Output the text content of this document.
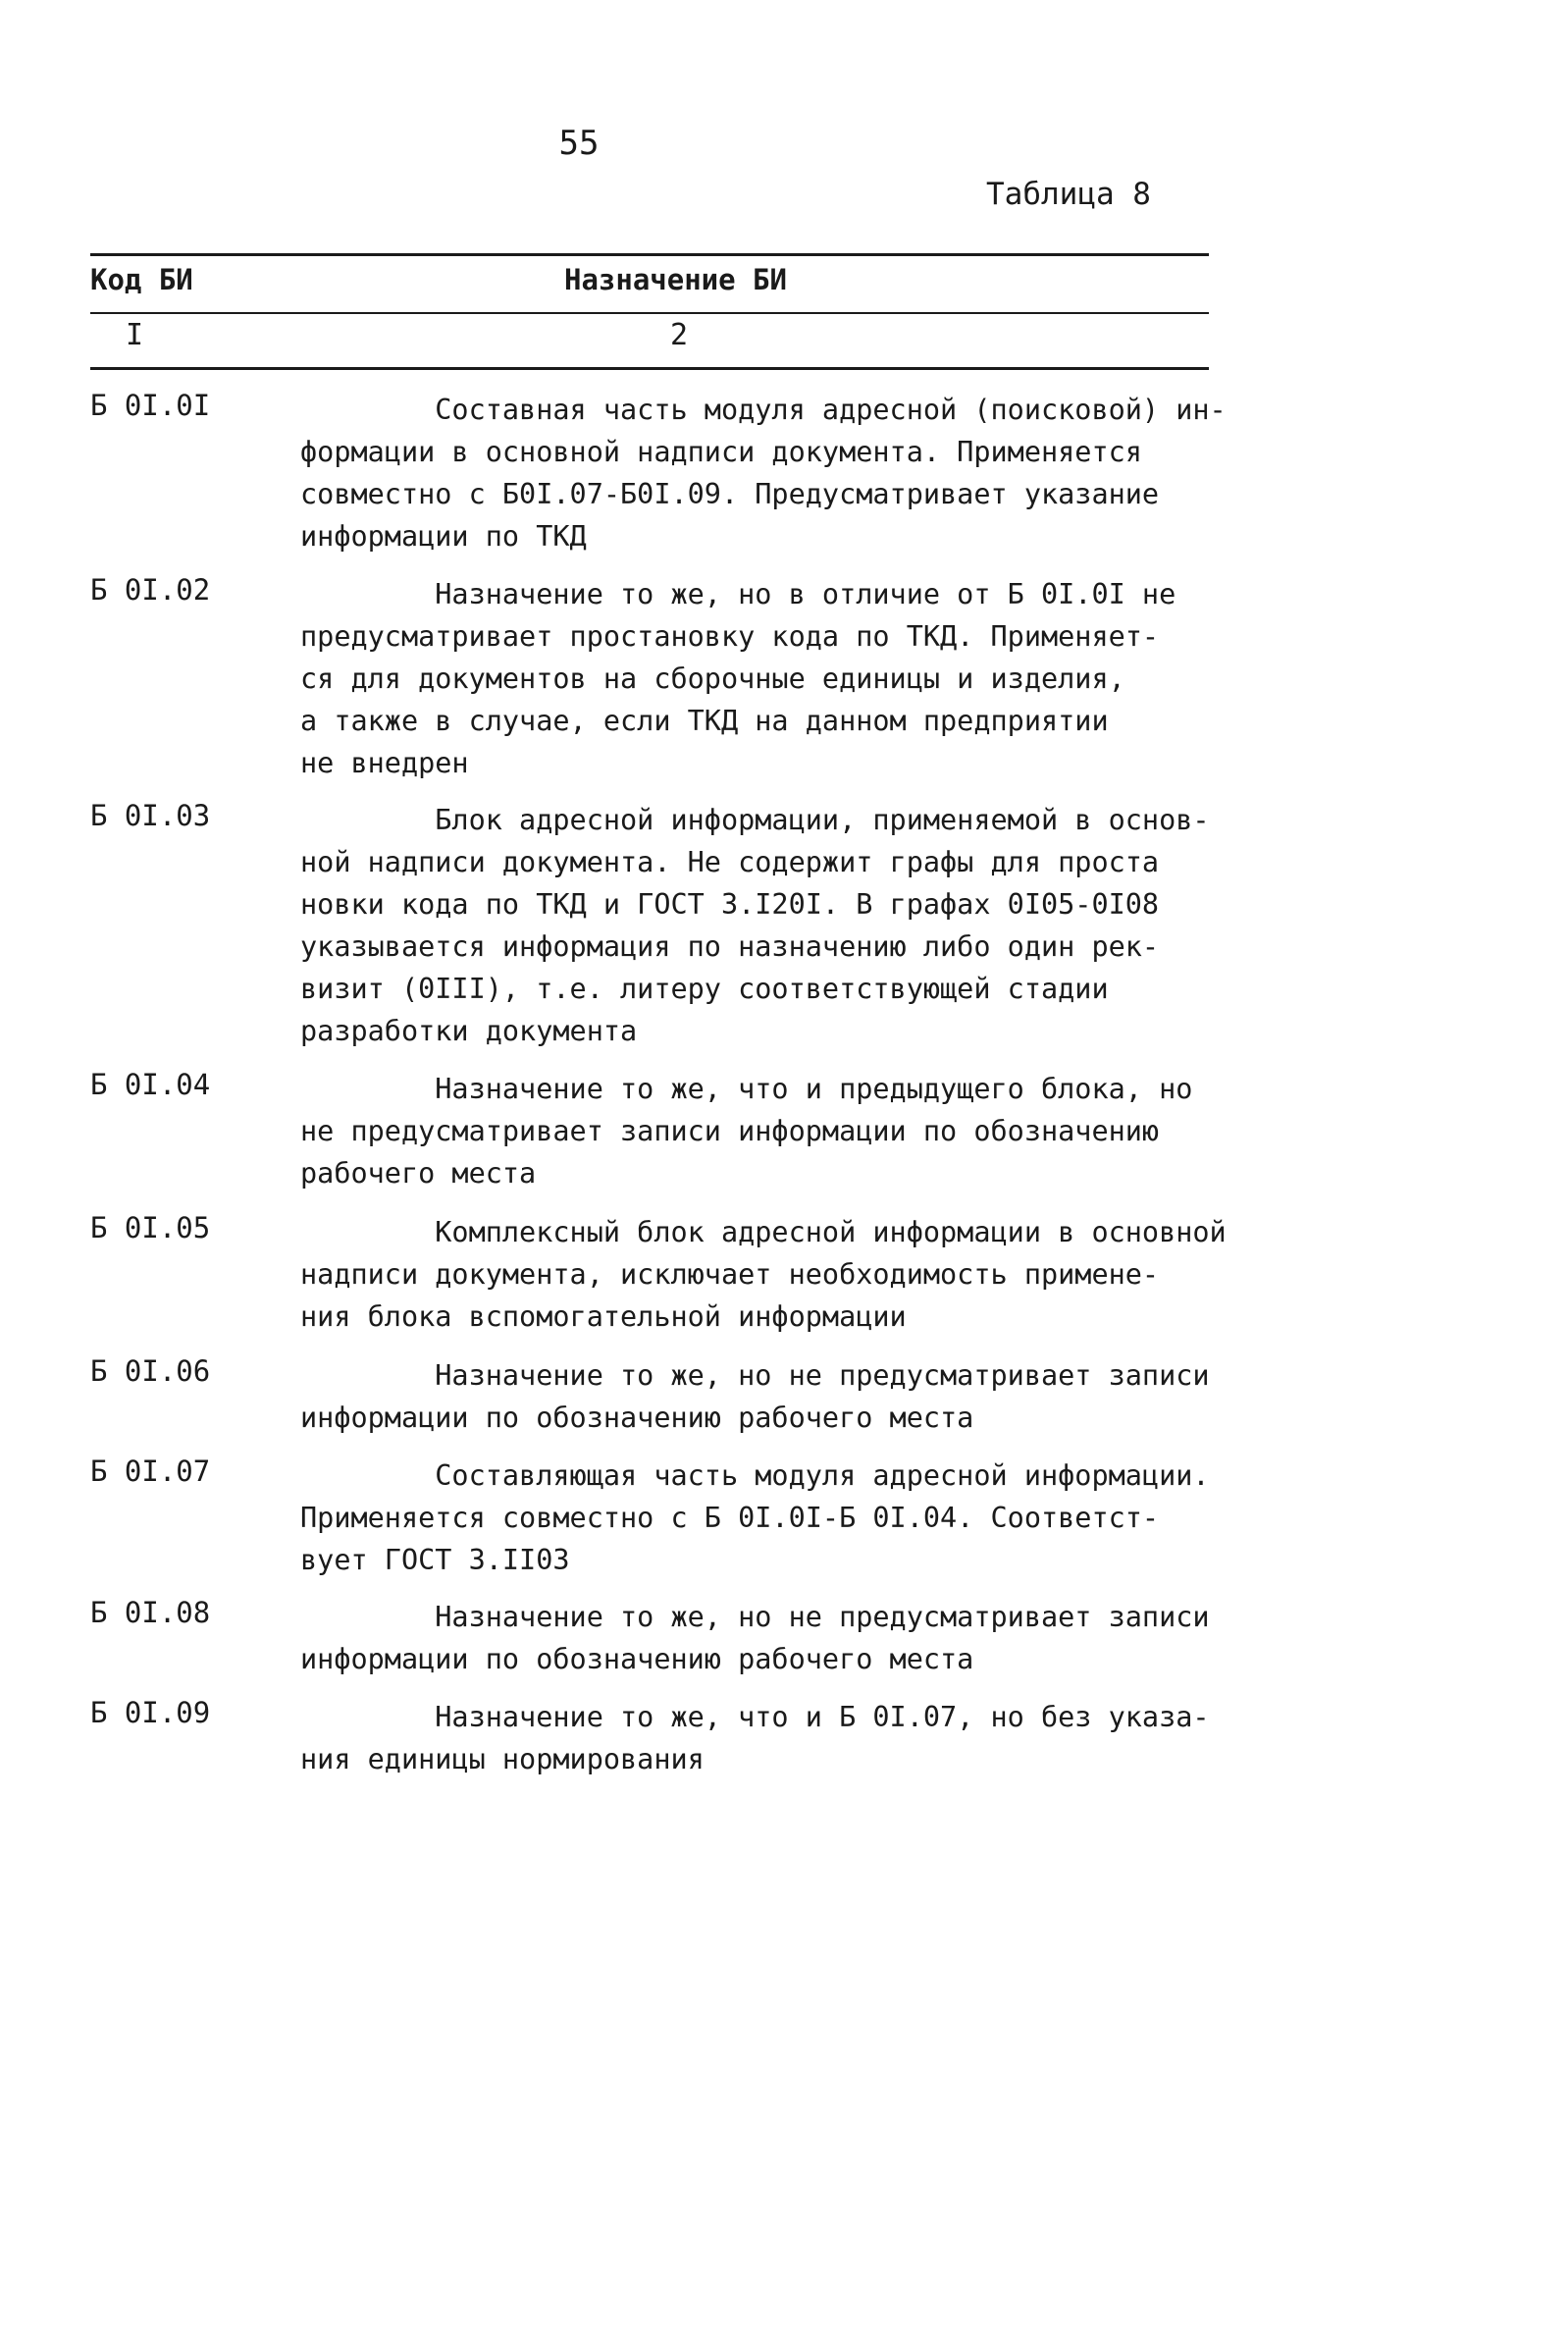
55
Таблица 8
Код БИ	Назначение БИ
I	2
Б 0I.0I	Составная часть модуля адресной (поисковой) ин-
формации в основной надписи документа. Применяется
совместно с Б0I.07-Б0I.09. Предусматривает указание
информации по ТКД
Б 0I.02	Назначение то же, но в отличие от Б 0I.0I не
предусматривает простановку кода по ТКД. Применяет-
ся для документов на сборочные единицы и изделия,
а также в случае, если ТКД на данном предприятии
не внедрен
Б 0I.03	Блок адресной информации, применяемой в основ-
ной надписи документа. Не содержит графы для проста
новки кода по ТКД и ГОСТ 3.I20I. В графах 0I05-0I08
указывается информация по назначению либо один рек-
визит (0III), т.е. литеру соответствующей стадии
разработки документа
Б 0I.04	Назначение то же, что и предыдущего блока, но
не предусматривает записи информации по обозначению
рабочего места
Б 0I.05	Комплексный блок адресной информации в основной
надписи документа, исключает необходимость примене-
ния блока вспомогательной информации
Б 0I.06	Назначение то же, но не предусматривает записи
информации по обозначению рабочего места
Б 0I.07	Составляющая часть модуля адресной информации.
Применяется совместно с Б 0I.0I-Б 0I.04. Соответст-
вует ГОСТ 3.II03
Б 0I.08	Назначение то же, но не предусматривает записи
информации по обозначению рабочего места
Б 0I.09	Назначение то же, что и Б 0I.07, но без указа-
ния единицы нормирования
